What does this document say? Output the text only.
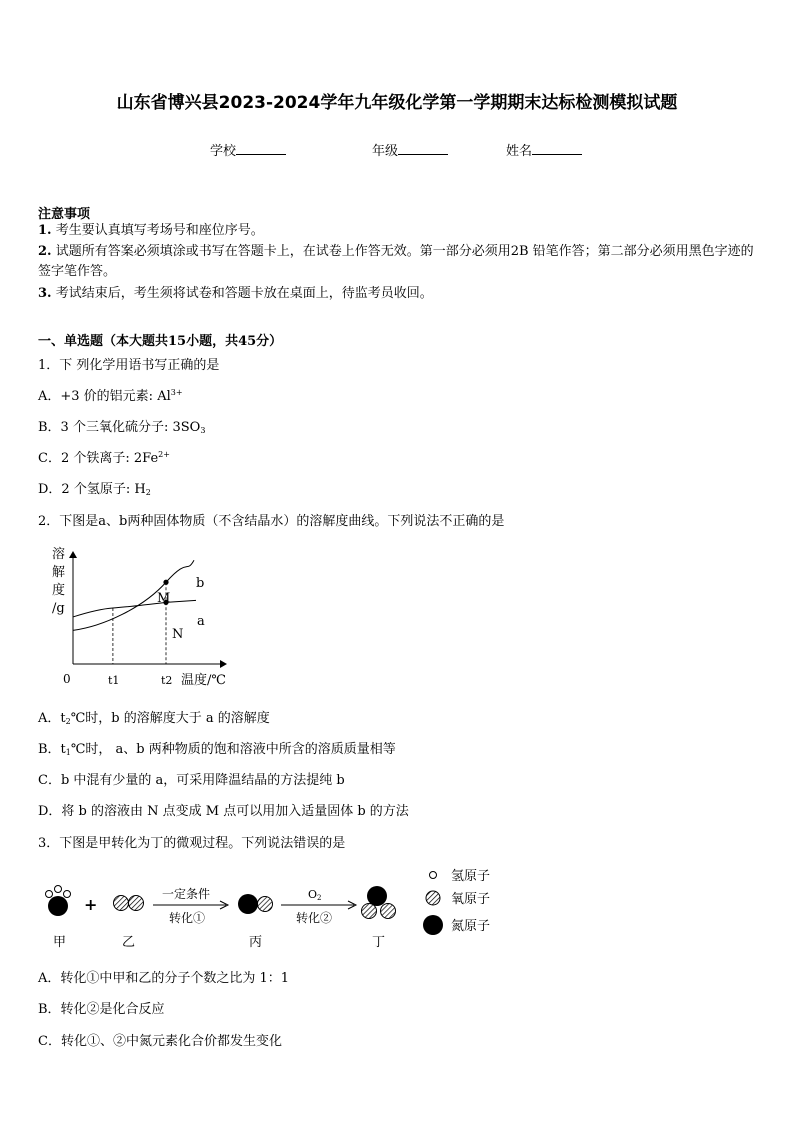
山东省博兴县2023-2024学年九年级化学第一学期期末达标检测模拟试题
学校	年级	姓名
注意事项
1. 考生要认真填写考场号和座位序号。
2. 试题所有答案必须填涂或书写在答题卡上，在试卷上作答无效。第一部分必须用2B 铅笔作答；第二部分必须用黑色字迹的签字笔作答。
3. 考试结束后，考生须将试卷和答题卡放在桌面上，待监考员收回。
一、单选题（本大题共15小题，共45分）
1．下 列化学用语书写正确的是
A．+3 价的铝元素: $Al^{3+}$
B．3 个三氧化硫分子: $3SO_3$
C．2 个铁离子: $2Fe^{2+}$
D．2 个氢原子: $H_2$
2．下图是a、b两种固体物质（不含结晶水）的溶解度曲线。下列说法不正确的是
溶
解
度
/g
0	t1	t2 温度/℃
b
a
M
N
A．$t_2℃$时，b 的溶解度大于 a 的溶解度
B．$t_1℃$时， a、b 两种物质的饱和溶液中所含的溶质质量相等
C．b 中混有少量的 a，可采用降温结晶的方法提纯 b
D．将 b 的溶液由 N 点变成 M 点可以用加入适量固体 b 的方法
3．下图是甲转化为丁的微观过程。下列说法错误的是
甲
+
乙
一定条件
转化①
丙
O2
转化②
丁
氢原子
氧原子
氮原子
A．转化①中甲和乙的分子个数之比为 1：1
B．转化②是化合反应
C．转化①、②中氮元素化合价都发生变化
